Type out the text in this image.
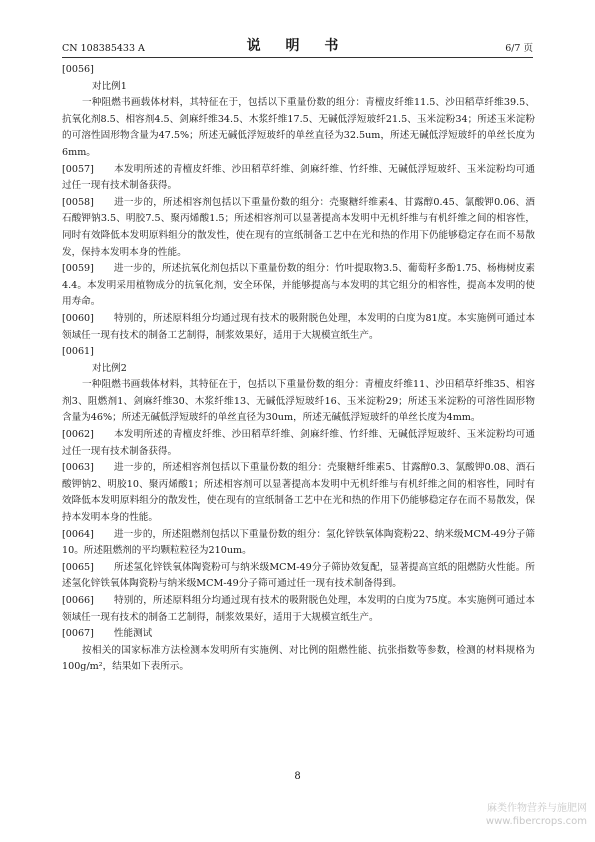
CN 108385433 A	说 明 书	6/7 页
[0056]
对比例1
一种阻燃书画载体材料，其特征在于，包括以下重量份数的组分：青檀皮纤维11.5、沙田稻草纤维39.5、抗氧化剂8.5、相容剂4.5、剑麻纤维34.5、木浆纤维17.5、无碱低浮短玻纤21.5、玉米淀粉34；所述玉米淀粉的可溶性固形物含量为47.5%；所述无碱低浮短玻纤的单丝直径为32.5um，所述无碱低浮短玻纤的单丝长度为6mm。
[0057] 本发明所述的青檀皮纤维、沙田稻草纤维、剑麻纤维、竹纤维、无碱低浮短玻纤、玉米淀粉均可通过任一现有技术制备获得。
[0058] 进一步的，所述相容剂包括以下重量份数的组分：壳聚糖纤维素4、甘露醇0.45、氯酸钾0.06、酒石酸钾钠3.5、明胶7.5、聚丙烯酸1.5；所述相容剂可以显著提高本发明中无机纤维与有机纤维之间的相容性，同时有效降低本发明原料组分的散发性，使在现有的宣纸制备工艺中在光和热的作用下仍能够稳定存在而不易散发，保持本发明本身的性能。
[0059] 进一步的，所述抗氧化剂包括以下重量份数的组分：竹叶提取物3.5、葡萄籽多酚1.75、杨梅树皮素4.4。本发明采用植物成分的抗氧化剂，安全环保，并能够提高与本发明的其它组分的相容性，提高本发明的使用寿命。
[0060] 特别的，所述原料组分均通过现有技术的吸附脱色处理，本发明的白度为81度。本实施例可通过本领域任一现有技术的制备工艺制得，制浆效果好，适用于大规模宣纸生产。
[0061]
对比例2
一种阻燃书画载体材料，其特征在于，包括以下重量份数的组分：青檀皮纤维11、沙田稻草纤维35、相容剂3、阻燃剂1、剑麻纤维30、木浆纤维13、无碱低浮短玻纤16、玉米淀粉29；所述玉米淀粉的可溶性固形物含量为46%；所述无碱低浮短玻纤的单丝直径为30um，所述无碱低浮短玻纤的单丝长度为4mm。
[0062] 本发明所述的青檀皮纤维、沙田稻草纤维、剑麻纤维、竹纤维、无碱低浮短玻纤、玉米淀粉均可通过任一现有技术制备获得。
[0063] 进一步的，所述相容剂包括以下重量份数的组分：壳聚糖纤维素5、甘露醇0.3、氯酸钾0.08、酒石酸钾钠2、明胶10、聚丙烯酸1；所述相容剂可以显著提高本发明中无机纤维与有机纤维之间的相容性，同时有效降低本发明原料组分的散发性，使在现有的宣纸制备工艺中在光和热的作用下仍能够稳定存在而不易散发，保持本发明本身的性能。
[0064] 进一步的，所述阻燃剂包括以下重量份数的组分：氢化锌铁氧体陶瓷粉22、纳米级MCM-49分子筛10。所述阻燃剂的平均颗粒粒径为210um。
[0065] 所述氢化锌铁氧体陶瓷粉可与纳米级MCM-49分子筛协效复配，显著提高宣纸的阻燃防火性能。所述氢化锌铁氧体陶瓷粉与纳米级MCM-49分子筛可通过任一现有技术制备得到。
[0066] 特别的，所述原料组分均通过现有技术的吸附脱色处理，本发明的白度为75度。本实施例可通过本领域任一现有技术的制备工艺制得，制浆效果好，适用于大规模宣纸生产。
[0067] 性能测试
按相关的国家标准方法检测本发明所有实施例、对比例的阻燃性能、抗张指数等参数，检测的材料规格为100g/m²，结果如下表所示。
8
麻类作物营养与施肥网
www.fibercrops.com
